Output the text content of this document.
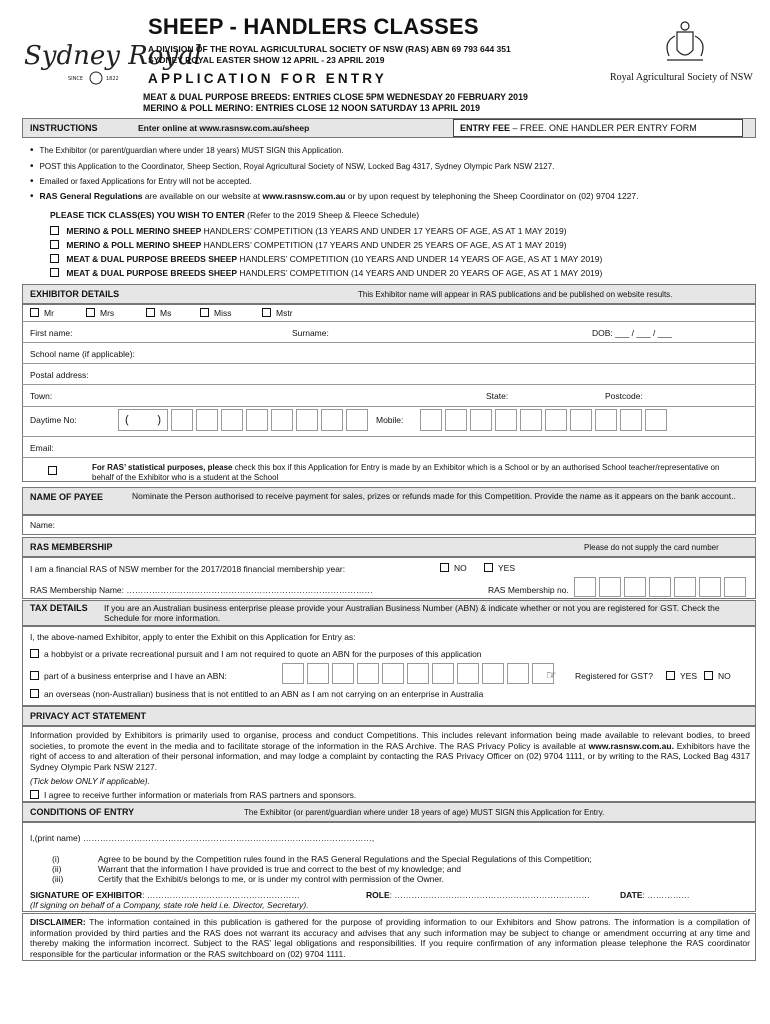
Sydney Royal
SINCE	1822
SHEEP - HANDLERS CLASSES
A DIVISION OF THE ROYAL AGRICULTURAL SOCIETY OF NSW (RAS) ABN 69 793 644 351
SYDNEY ROYAL EASTER SHOW 12 APRIL - 23 APRIL 2019
APPLICATION FOR ENTRY	Royal Agricultural Society of NSW
MEAT & DUAL PURPOSE BREEDS: ENTRIES CLOSE 5PM WEDNESDAY 20 FEBRUARY 2019
MERINO & POLL MERINO: ENTRIES CLOSE 12 NOON SATURDAY 13 APRIL 2019
INSTRUCTIONS	Enter online at www.rasnsw.com.au/sheep	ENTRY FEE – FREE. ONE HANDLER PER ENTRY FORM
• The Exhibitor (or parent/guardian where under 18 years) MUST SIGN this Application.
• POST this Application to the Coordinator, Sheep Section, Royal Agricultural Society of NSW, Locked Bag 4317, Sydney Olympic Park NSW 2127.
• Emailed or faxed Applications for Entry will not be accepted.
• RAS General Regulations are available on our website at www.rasnsw.com.au or by upon request by telephoning the Sheep Coordinator on (02) 9704 1227.
PLEASE TICK CLASS(ES) YOU WISH TO ENTER (Refer to the 2019 Sheep & Fleece Schedule)
MERINO & POLL MERINO SHEEP HANDLERS’ COMPETITION (13 YEARS AND UNDER 17 YEARS OF AGE, AS AT 1 MAY 2019)
MERINO & POLL MERINO SHEEP HANDLERS’ COMPETITION (17 YEARS AND UNDER 25 YEARS OF AGE, AS AT 1 MAY 2019)
MEAT & DUAL PURPOSE BREEDS SHEEP HANDLERS’ COMPETITION (10 YEARS AND UNDER 14 YEARS OF AGE, AS AT 1 MAY 2019)
MEAT & DUAL PURPOSE BREEDS SHEEP HANDLERS’ COMPETITION (14 YEARS AND UNDER 20 YEARS OF AGE, AS AT 1 MAY 2019)
EXHIBITOR DETAILS	This Exhibitor name will appear in RAS publications and be published on website results.
Mr	Mrs	Ms	Miss	Mstr
First name:	Surname:	DOB: ___ / ___ / ___
School name (if applicable):
Postal address:
Town:	State:	Postcode:
Daytime No:	(	)	Mobile:
Email:
For RAS’ statistical purposes, please check this box if this Application for Entry is made by an Exhibitor which is a School or by an authorised School teacher/representative on behalf of the Exhibitor who is a student at the School
NAME OF PAYEE	Nominate the Person authorised to receive payment for sales, prizes or refunds made for this Competition. Provide the name as it appears on the bank account..
Name:
RAS MEMBERSHIP	Please do not supply the card number
I am a financial RAS of NSW member for the 2017/2018 financial membership year:	NO	YES
RAS Membership Name: ……………………………………………………………………………	RAS Membership no.
TAX DETAILS If you are an Australian business enterprise please provide your Australian Business Number (ABN) & indicate whether or not you are registered for GST. Check the Schedule for more information.
I, the above-named Exhibitor, apply to enter the Exhibit on this Application for Entry as:
a hobbyist or a private recreational pursuit and I am not required to quote an ABN for the purposes of this application
part of a business enterprise and I have an ABN:	☞ Registered for GST?	YES	NO
an overseas (non-Australian) business that is not entitled to an ABN as I am not carrying on an enterprise in Australia
PRIVACY ACT STATEMENT
Information provided by Exhibitors is primarily used to organise, process and conduct Competitions. This includes relevant information being made available to relevant bodies, to breed societies, to promote the event in the media and to facilitate storage of the information in the RAS Archive. The RAS Privacy Policy is available at www.rasnsw.com.au. Exhibitors have the right of access to and alteration of their personal information, and may lodge a complaint by contacting the RAS Privacy Officer on (02) 9704 1111, or by writing to the RAS, Locked Bag 4317 Sydney Olympic Park NSW 2127.
(Tick below ONLY if applicable).
I agree to receive further information or materials from RAS partners and sponsors.
CONDITIONS OF ENTRY	The Exhibitor (or parent/guardian where under 18 years of age) MUST SIGN this Application for Entry.
I,(print name) …………………………………………………………………………………………,
(i)	Agree to be bound by the Competition rules found in the RAS General Regulations and the Special Regulations of this Competition;
(ii)	Warrant that the information I have provided is true and correct to the best of my knowledge; and
(iii)	Certify that the Exhibit/s belongs to me, or is under my control with permission of the Owner.
SIGNATURE OF EXHIBITOR: ………………………………………………	ROLE: ……………………………………………………………	DATE: ……………
(If signing on behalf of a Company, state role held i.e. Director, Secretary).
DISCLAIMER: The information contained in this publication is gathered for the purpose of providing information to our Exhibitors and Show patrons. The information is a compilation of information provided by third parties and the RAS does not warrant its accuracy and advises that any such information may be subject to change or amendment occurring at any time and thereby making the information incorrect. Subject to the RAS’ legal obligations and responsibilities. If you require confirmation of any information please telephone the RAS coordinator responsible for the particular information or the RAS switchboard on (02) 9704 1111.
